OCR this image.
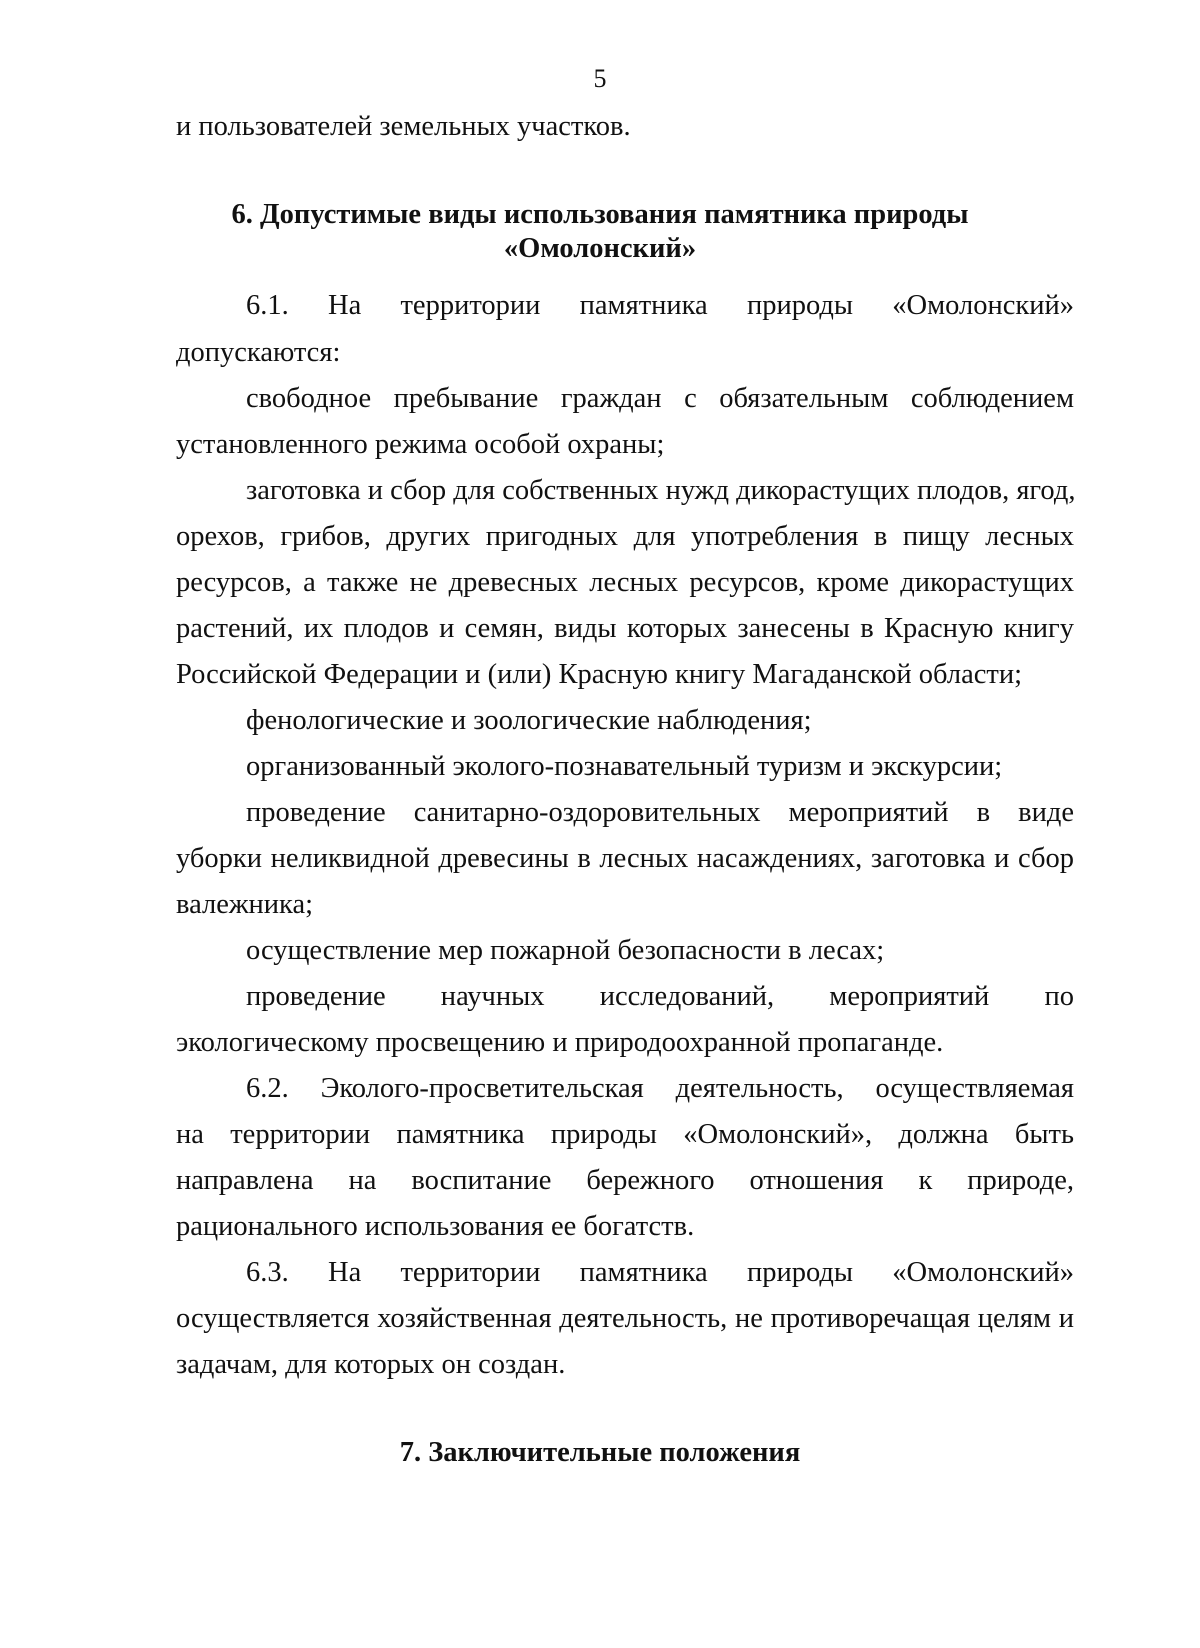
5
и пользователей земельных участков.
6. Допустимые виды использования памятника природы
«Омолонский»
6.1. На территории памятника природы «Омолонский»
допускаются:
свободное пребывание граждан с обязательным соблюдением
установленного режима особой охраны;
заготовка и сбор для собственных нужд дикорастущих плодов, ягод,
орехов, грибов, других пригодных для употребления в пищу лесных
ресурсов, а также не древесных лесных ресурсов, кроме дикорастущих
растений, их плодов и семян, виды которых занесены в Красную книгу
Российской Федерации и (или) Красную книгу Магаданской области;
фенологические и зоологические наблюдения;
организованный эколого-познавательный туризм и экскурсии;
проведение санитарно-оздоровительных мероприятий в виде
уборки неликвидной древесины в лесных насаждениях, заготовка и сбор
валежника;
осуществление мер пожарной безопасности в лесах;
проведение научных исследований, мероприятий по
экологическому просвещению и природоохранной пропаганде.
6.2. Эколого-просветительская деятельность, осуществляемая
на территории памятника природы «Омолонский», должна быть
направлена на воспитание бережного отношения к природе,
рационального использования ее богатств.
6.3. На территории памятника природы «Омолонский»
осуществляется хозяйственная деятельность, не противоречащая целям и
задачам, для которых он создан.
7. Заключительные положения
